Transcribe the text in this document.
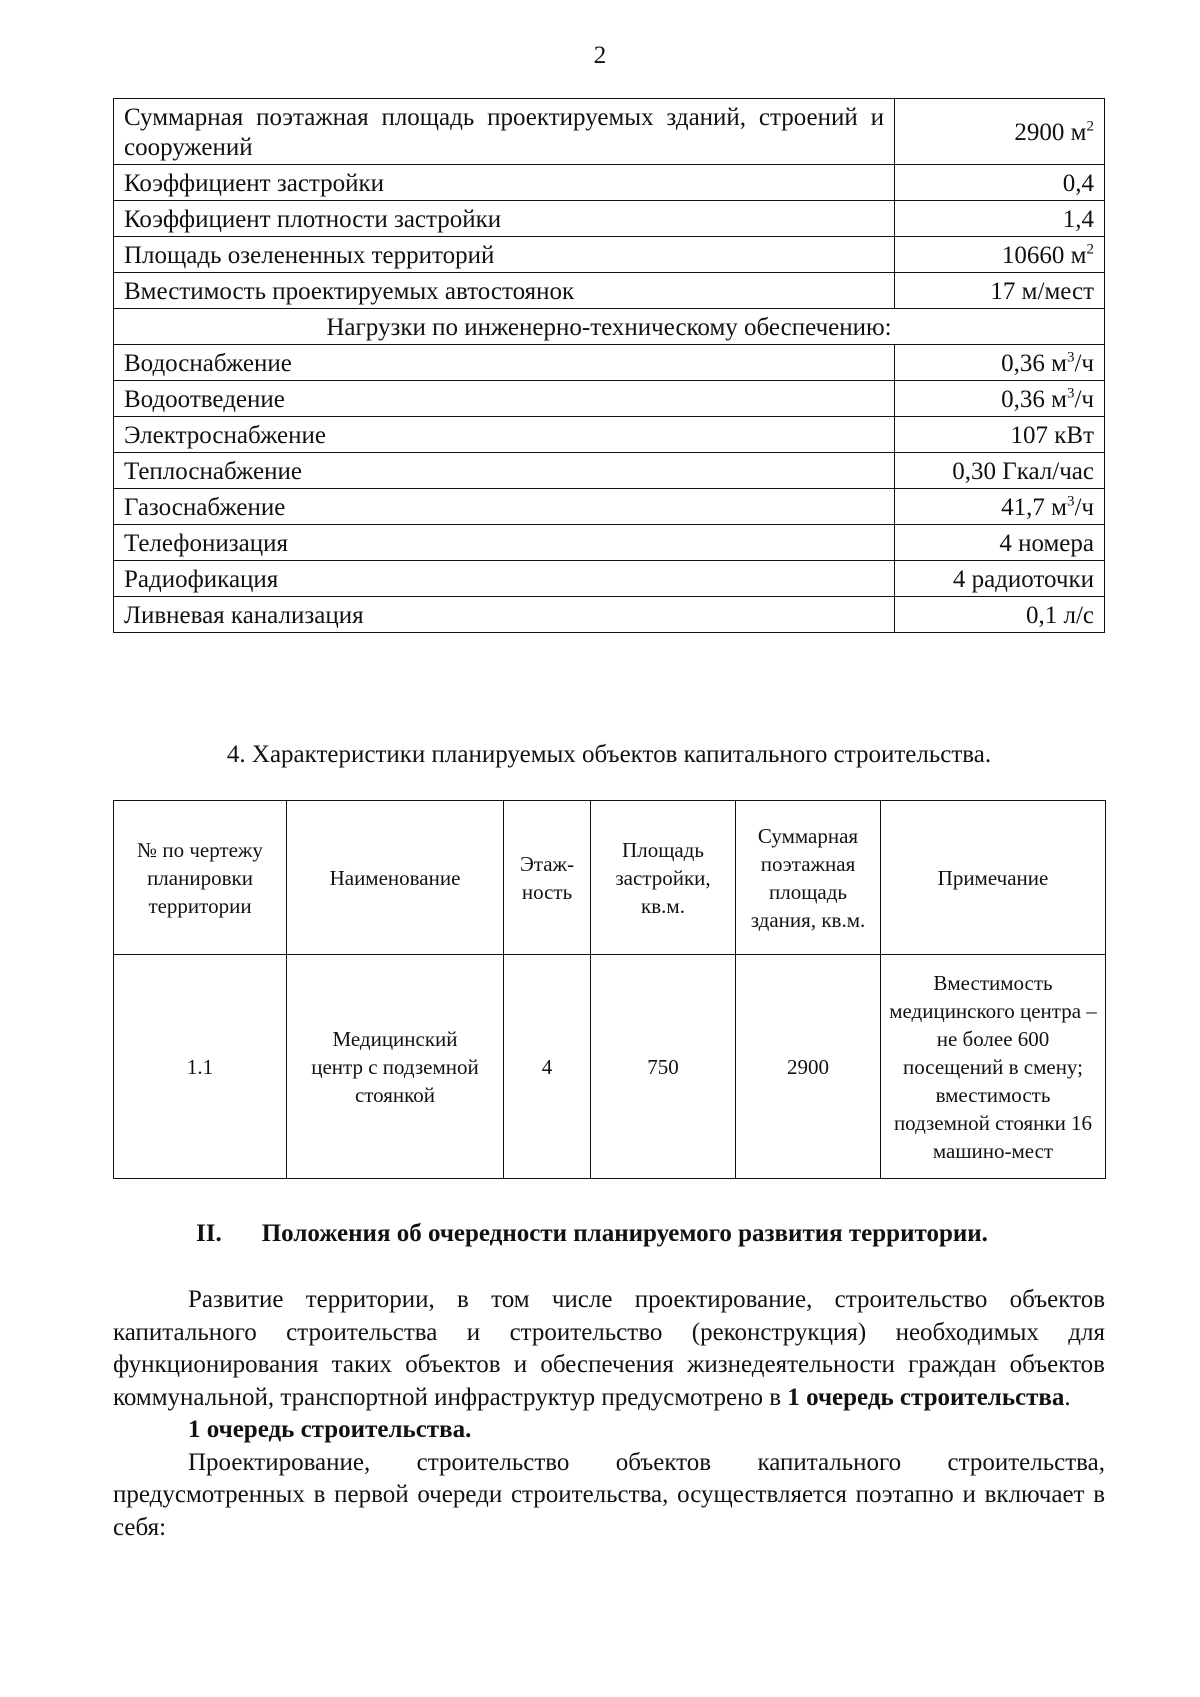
2
Суммарная поэтажная площадь проектируемых зданий, строений и сооружений	2900 $м^2$
Коэффициент застройки	0,4
Коэффициент плотности застройки	1,4
Площадь озелененных территорий	10660 $м^2$
Вместимость проектируемых автостоянок	17 м/мест
Нагрузки по инженерно-техническому обеспечению:	
Водоснабжение	0,36 $м^3/ч$
Водоотведение	0,36 $м^3/ч$
Электроснабжение	107 кВт
Теплоснабжение	0,30 Гкал/час
Газоснабжение	41,7 $м^3/ч$
Телефонизация	4 номера
Радиофикация	4 радиоточки
Ливневая канализация	0,1 л/с
4. Характеристики планируемых объектов капитального строительства.
№ по чертежу планировки территории	Наименование	Этаж-ность	Площадь застройки, кв.м.	Суммарная поэтажная площадь здания, кв.м.	Примечание
1.1	Медицинский центр с подземной стоянкой	4	750	2900	Вместимость медицинского центра – не более 600 посещений в смену; вместимость подземной стоянки 16 машино-мест
II. Положения об очередности планируемого развития территории.

Развитие территории, в том числе проектирование, строительство объектов капитального строительства и строительство (реконструкция) необходимых для функционирования таких объектов и обеспечения жизнедеятельности граждан объектов коммунальной, транспортной инфраструктур предусмотрено в 1 очередь строительства.

1 очередь строительства.

Проектирование, строительство объектов капитального строительства, предусмотренных в первой очереди строительства, осуществляется поэтапно и включает в себя:
